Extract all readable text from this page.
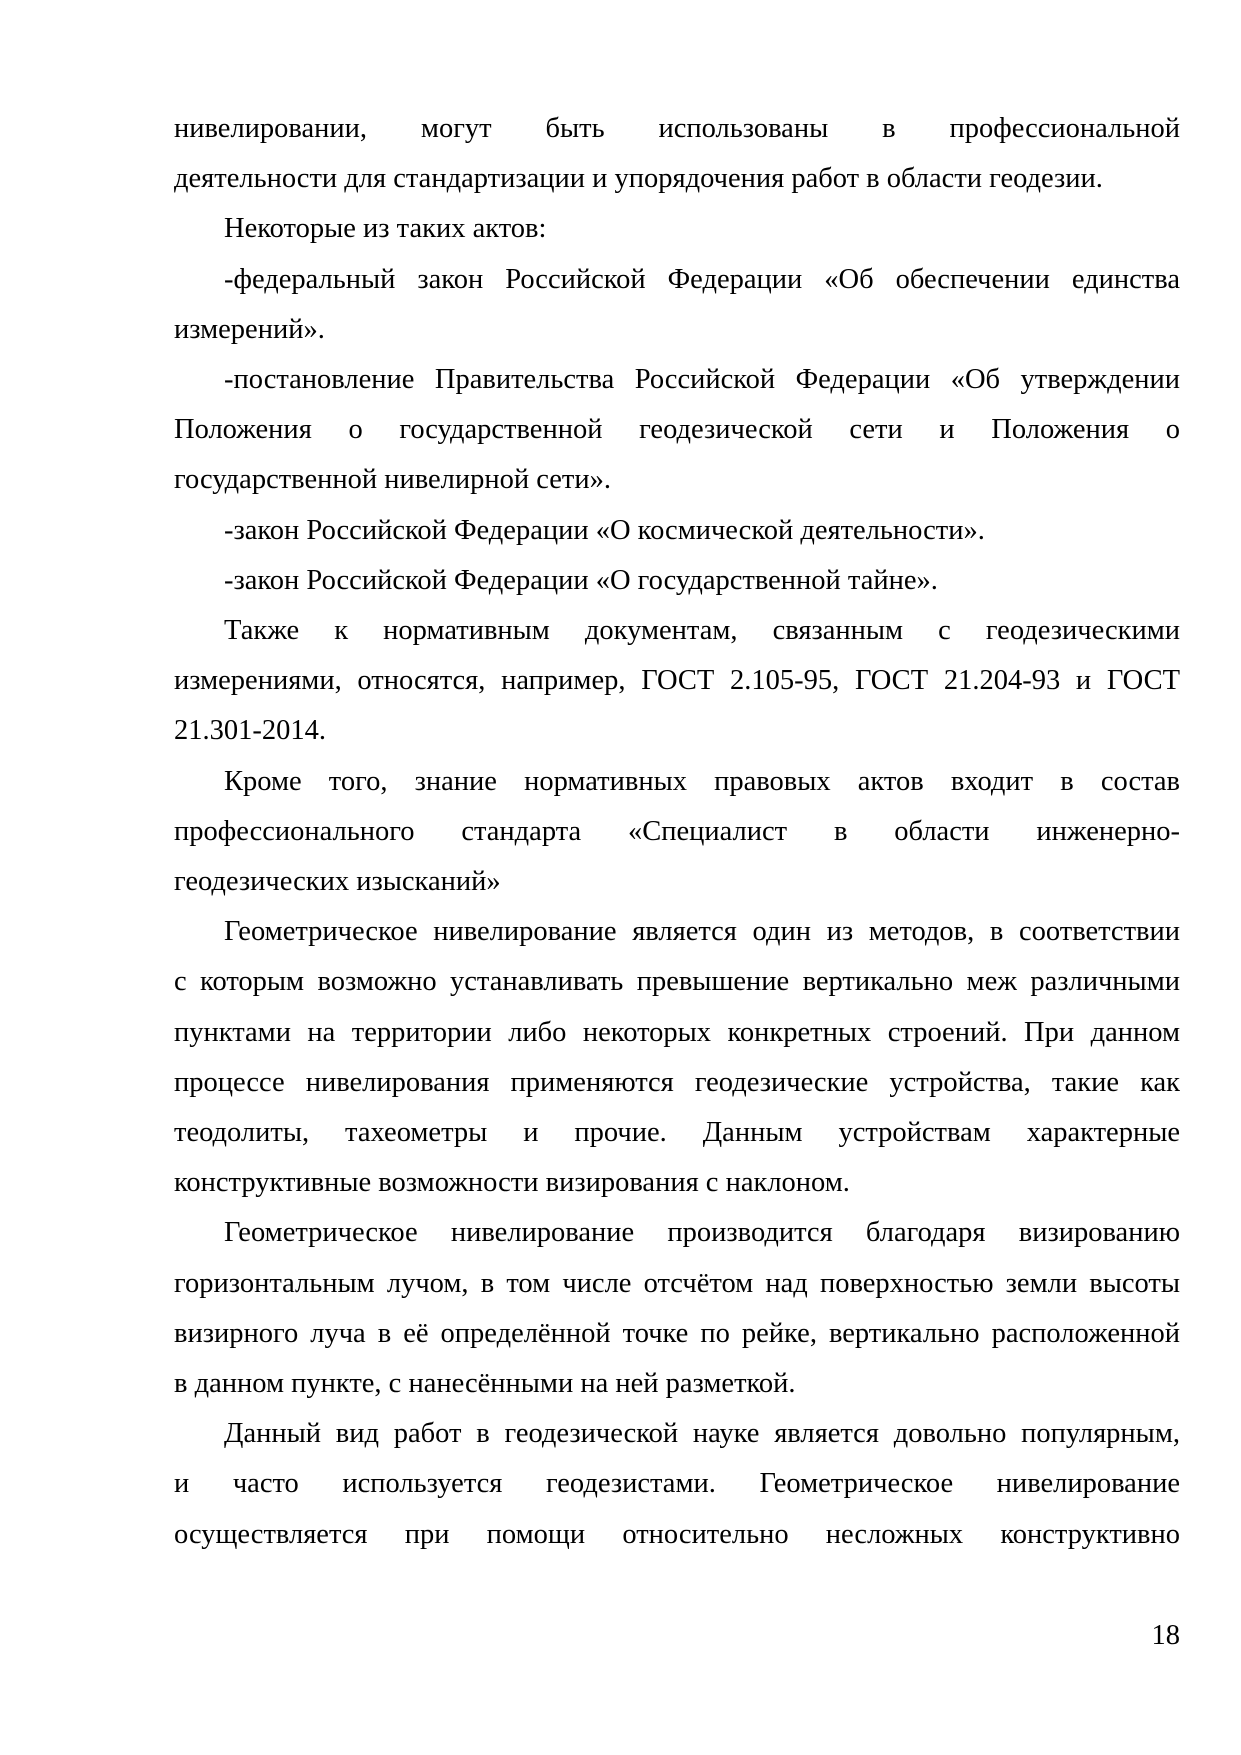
нивелировании, могут быть использованы в профессиональной
деятельности для стандартизации и упорядочения работ в области геодезии.
Некоторые из таких актов:
-федеральный закон Российской Федерации «Об обеспечении единства
измерений».
-постановление Правительства Российской Федерации «Об утверждении
Положения о государственной геодезической сети и Положения о
государственной нивелирной сети».
-закон Российской Федерации «О космической деятельности».
-закон Российской Федерации «О государственной тайне».
Также к нормативным документам, связанным с геодезическими
измерениями, относятся, например, ГОСТ 2.105-95, ГОСТ 21.204-93 и ГОСТ
21.301-2014.
Кроме того, знание нормативных правовых актов входит в состав
профессионального стандарта «Специалист в области инженерно-
геодезических изысканий»
Геометрическое нивелирование является один из методов, в соответствии
с которым возможно устанавливать превышение вертикально меж различными
пунктами на территории либо некоторых конкретных строений. При данном
процессе нивелирования применяются геодезические устройства, такие как
теодолиты, тахеометры и прочие. Данным устройствам характерные
конструктивные возможности визирования с наклоном.
Геометрическое нивелирование производится благодаря визированию
горизонтальным лучом, в том числе отсчётом над поверхностью земли высоты
визирного луча в её определённой точке по рейке, вертикально расположенной
в данном пункте, с нанесёнными на ней разметкой.
Данный вид работ в геодезической науке является довольно популярным,
и часто используется геодезистами. Геометрическое нивелирование
осуществляется при помощи относительно несложных конструктивно
18
